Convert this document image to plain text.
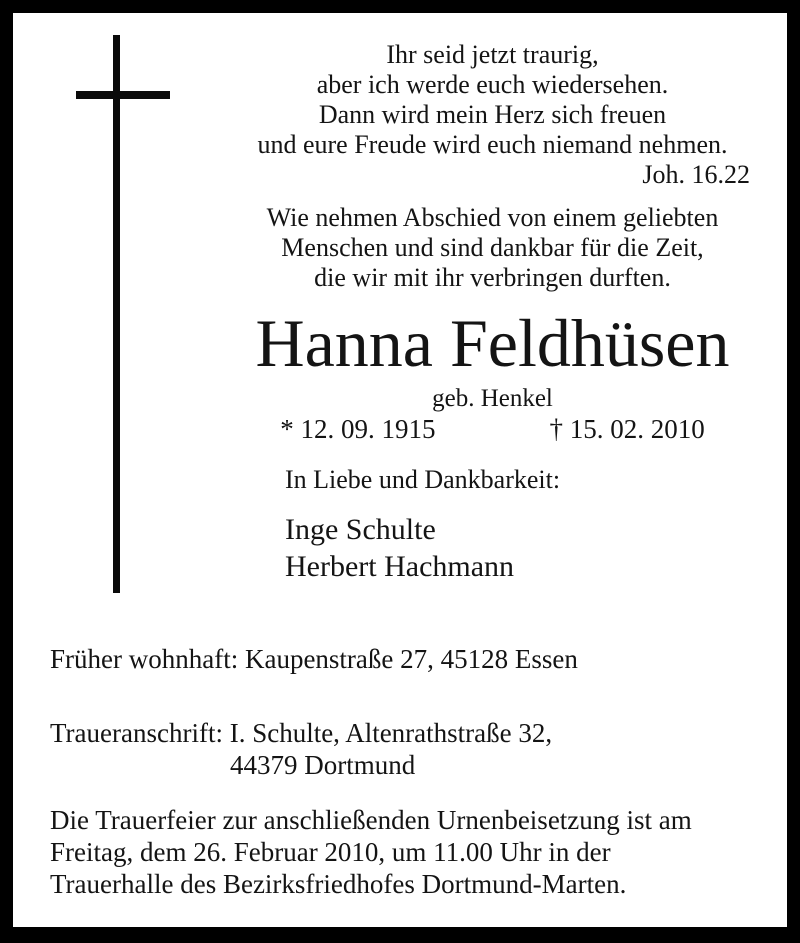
Ihr seid jetzt traurig,
aber ich werde euch wiedersehen.
Dann wird mein Herz sich freuen
und eure Freude wird euch niemand nehmen.
Joh. 16.22
Wie nehmen Abschied von einem geliebten
Menschen und sind dankbar für die Zeit,
die wir mit ihr verbringen durften.
Hanna Feldhüsen
geb. Henkel
* 12. 09. 1915	† 15. 02. 2010
In Liebe und Dankbarkeit:
Inge Schulte
Herbert Hachmann
Früher wohnhaft: Kaupenstraße 27, 45128 Essen
Traueranschrift: I. Schulte, Altenrathstraße 32,
44379 Dortmund
Die Trauerfeier zur anschließenden Urnenbeisetzung ist am
Freitag, dem 26. Februar 2010, um 11.00 Uhr in der
Trauerhalle des Bezirksfriedhofes Dortmund-Marten.
